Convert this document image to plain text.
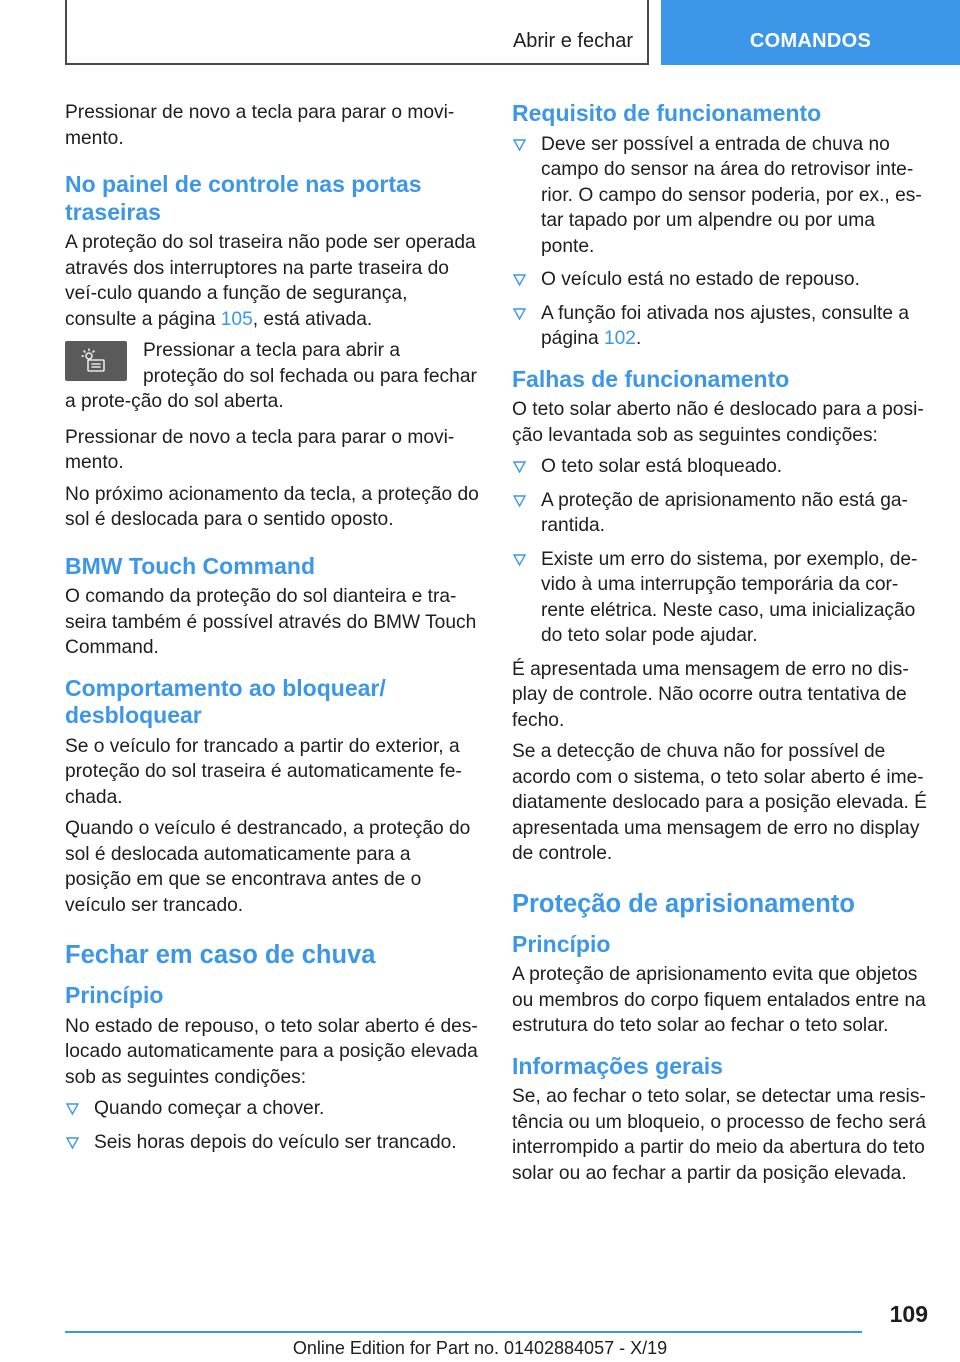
Abrir e fechar	COMANDOS

Pressionar de novo a tecla para parar o movi-mento.

No painel de controle nas portas traseiras

A proteção do sol traseira não pode ser operada através dos interruptores na parte traseira do veí-culo quando a função de segurança, consulte a página 105, está ativada.

Pressionar a tecla para abrir a proteção do sol fechada ou para fechar a prote-ção do sol aberta.

Pressionar de novo a tecla para parar o movi-mento.

No próximo acionamento da tecla, a proteção do sol é deslocada para o sentido oposto.

BMW Touch Command

O comando da proteção do sol dianteira e tra-seira também é possível através do BMW Touch Command.

Comportamento ao bloquear/ desbloquear

Se o veículo for trancado a partir do exterior, a proteção do sol traseira é automaticamente fe-chada.

Quando o veículo é destrancado, a proteção do sol é deslocada automaticamente para a posição em que se encontrava antes de o veículo ser trancado.

Fechar em caso de chuva
Princípio

No estado de repouso, o teto solar aberto é des-locado automaticamente para a posição elevada sob as seguintes condições:

Quando começar a chover.
Seis horas depois do veículo ser trancado.
Requisito de funcionamento
Deve ser possível a entrada de chuva no campo do sensor na área do retrovisor inte-rior. O campo do sensor poderia, por ex., es-tar tapado por um alpendre ou por uma ponte.
O veículo está no estado de repouso.
A função foi ativada nos ajustes, consulte a página 102.
Falhas de funcionamento

O teto solar aberto não é deslocado para a posi-ção levantada sob as seguintes condições:

O teto solar está bloqueado.
A proteção de aprisionamento não está ga-rantida.
Existe um erro do sistema, por exemplo, de-vido à uma interrupção temporária da cor-rente elétrica. Neste caso, uma inicialização do teto solar pode ajudar.

É apresentada uma mensagem de erro no dis-play de controle. Não ocorre outra tentativa de fecho.

Se a detecção de chuva não for possível de acordo com o sistema, o teto solar aberto é ime-diatamente deslocado para a posição elevada. É apresentada uma mensagem de erro no display de controle.

Proteção de aprisionamento
Princípio

A proteção de aprisionamento evita que objetos ou membros do corpo fiquem entalados entre na estrutura do teto solar ao fechar o teto solar.

Informações gerais

Se, ao fechar o teto solar, se detectar uma resis-tência ou um bloqueio, o processo de fecho será interrompido a partir do meio da abertura do teto solar ou ao fechar a partir da posição elevada.

109
Online Edition for Part no. 01402884057 - X/19
